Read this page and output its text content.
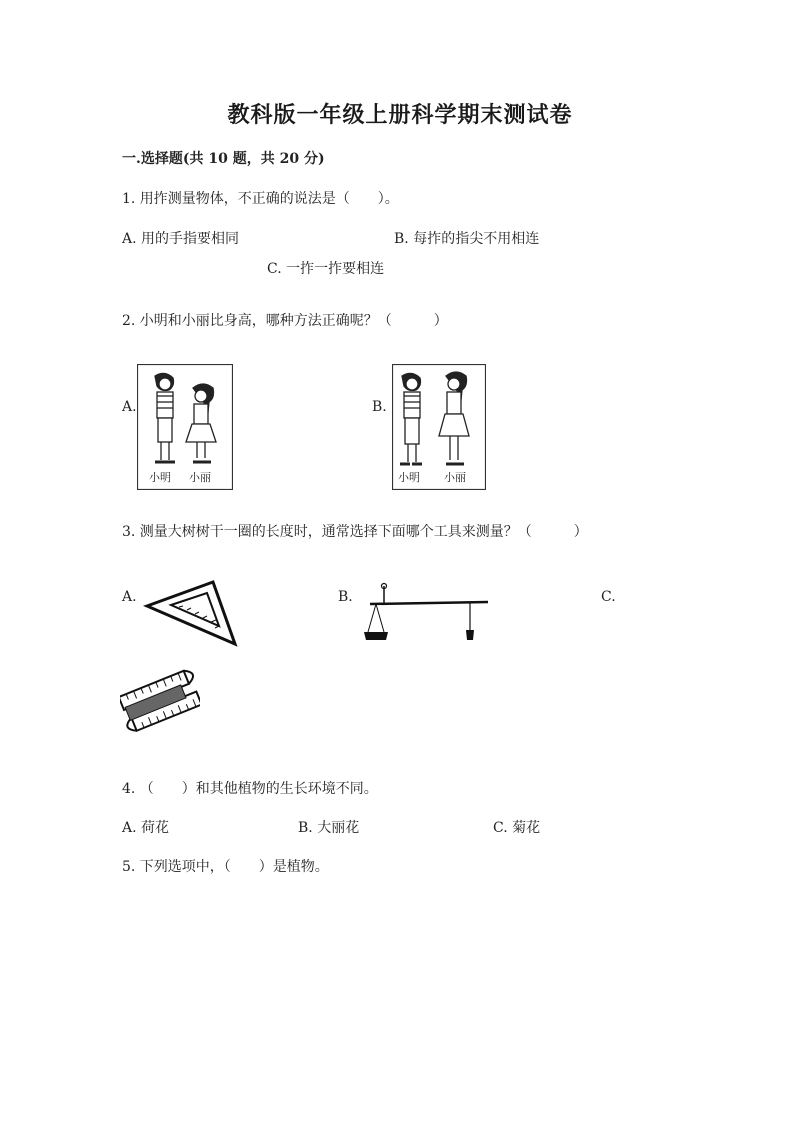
教科版一年级上册科学期末测试卷
一.选择题(共 10 题，共 20 分)
1. 用拃测量物体，不正确的说法是（　　）。
A. 用的手指要相同	B. 每拃的指尖不用相连
C. 一拃一拃要相连
2. 小明和小丽比身高，哪种方法正确呢？（　　　）
A.	B.
小明 小丽	小明 小丽
3. 测量大树树干一圈的长度时，通常选择下面哪个工具来测量？（　　　）
A.	B.	C.
4. （　　）和其他植物的生长环境不同。
A. 荷花	B. 大丽花	C. 菊花
5. 下列选项中，（　　）是植物。
